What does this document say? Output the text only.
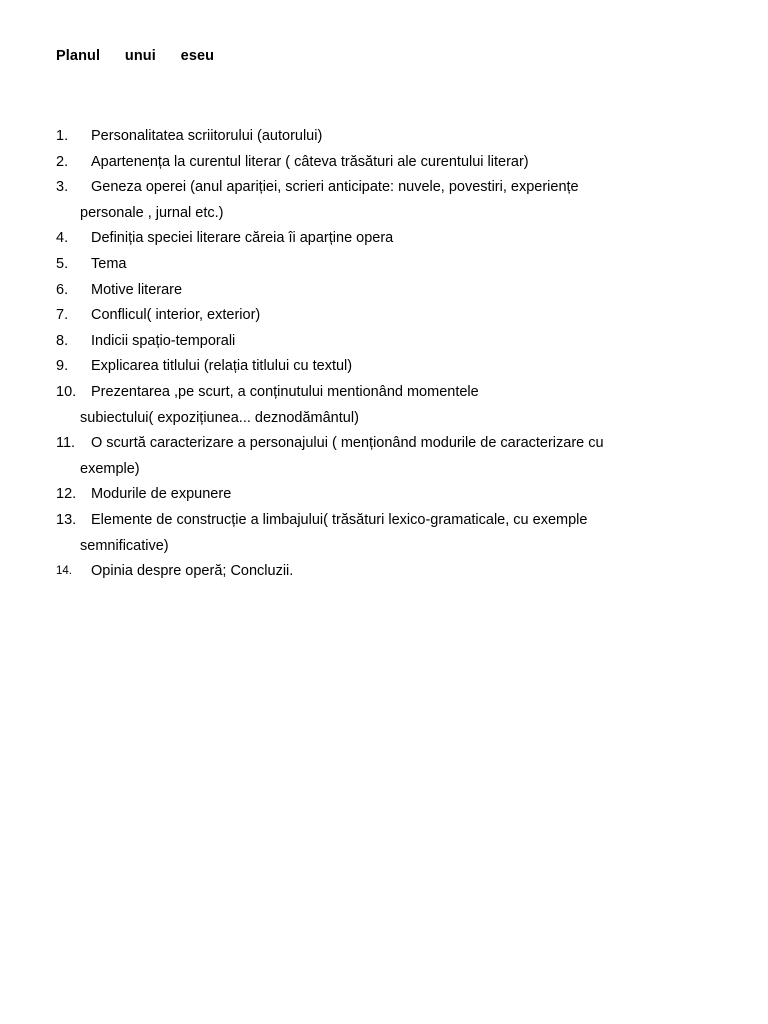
Planul      unui      eseu
1. Personalitatea scriitorului (autorului)
2. Apartenența la curentul literar ( câteva trăsături ale curentului literar)
3. Geneza operei (anul apariției, scrieri anticipate: nuvele, povestiri, experiențe
personale , jurnal etc.)
4. Definiția speciei literare căreia îi aparține opera
5. Tema
6. Motive literare
7. Conflicul( interior, exterior)
8. Indicii spațio-temporali
9. Explicarea titlului (relația titlului cu textul)
10. Prezentarea ,pe scurt, a conținutului mentionând momentele
subiectului( expozițiunea... deznodământul)
11. O scurtă caracterizare a personajului ( menționând modurile de caracterizare cu
exemple)
12. Modurile de expunere
13. Elemente de construcție a limbajului( trăsături lexico-gramaticale, cu exemple
semnificative)
14. Opinia despre operă; Concluzii.
